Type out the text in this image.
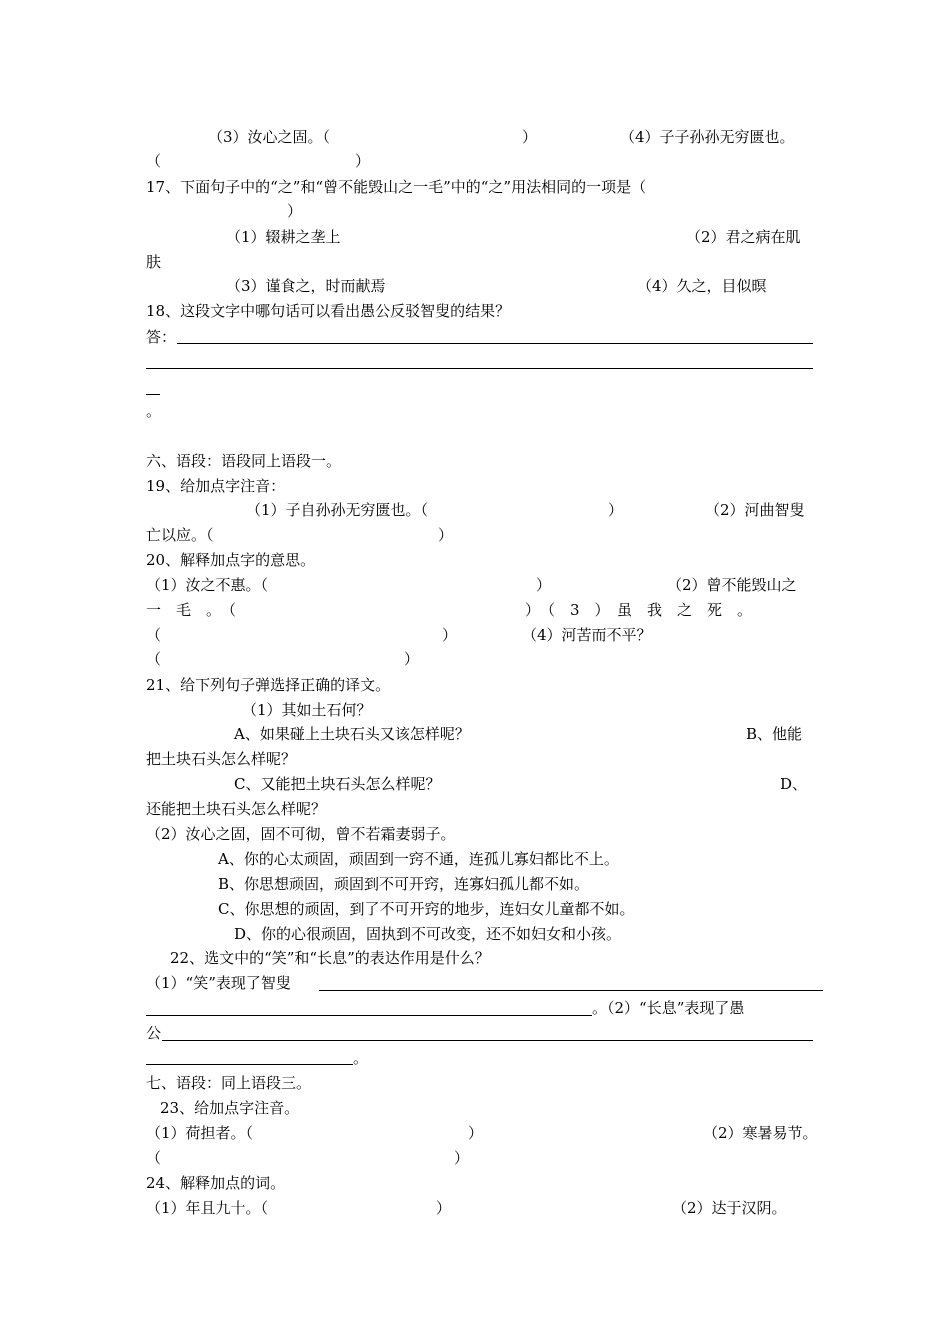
（3）汝心之固。（	）	（4）子子孙孙无穷匮也。
（	）
17、下面句子中的“之”和“曾不能毁山之一毛”中的“之”用法相同的一项是（
）
（1）辍耕之垄上	（2）君之病在肌
肤
（3）谨食之，时而献焉	（4）久之，目似暝
18、这段文字中哪句话可以看出愚公反驳智叟的结果？
答：
。
六、语段：语段同上语段一。
19、给加点字注音：
（1）子自孙孙无穷匮也。（	）	（2）河曲智叟
亡以应。（	）
20、解释加点字的意思。
（1）汝之不惠。（	）	（2）曾不能毁山之
一　毛　。　（	）　（　3　）　虽　我　之　死　。
（	）	（4）河苦而不平？
（	）
21、给下列句子弹选择正确的译文。
（1）其如土石何？
A、如果碰上土块石头又该怎样呢？	B、他能
把土块石头怎么样呢？
C、又能把土块石头怎么样呢？	D、
还能把土块石头怎么样呢？
（2）汝心之固，固不可彻，曾不若霜妻弱子。
A、你的心太顽固，顽固到一窍不通，连孤儿寡妇都比不上。
B、你思想顽固，顽固到不可开窍，连寡妇孤儿都不如。
C、你思想的顽固，到了不可开窍的地步，连妇女儿童都不如。
D、你的心很顽固，固执到不可改变，还不如妇女和小孩。
22、选文中的“笑”和“长息”的表达作用是什么？
（1）“笑”表现了智叟
。（2）“长息”表现了愚
公
。
七、语段：同上语段三。
23、给加点字注音。
（1）荷担者。（	）	（2）寒暑易节。
（	）
24、解释加点的词。
（1）年且九十。（	）	（2）达于汉阴。
